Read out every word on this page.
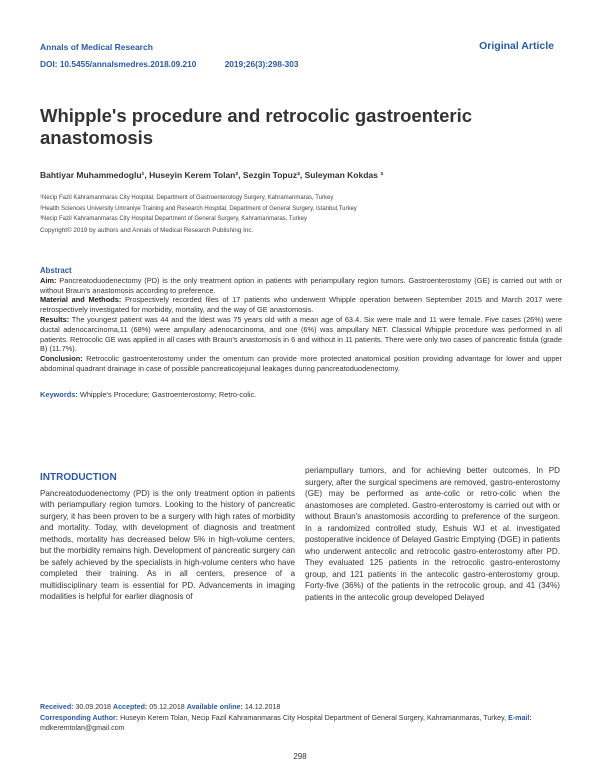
Annals of Medical Research
DOI: 10.5455/annalsmedres.2018.09.210	2019;26(3):298-303
Original Article
Whipple's procedure and retrocolic gastroenteric anastomosis
Bahtiyar Muhammedoglu¹, Huseyin Kerem Tolan², Sezgin Topuz³, Suleyman Kokdas ³
¹Necip Fazil Kahramanmaras City Hospital, Department of Gastroenterology Surgery, Kahramanmaras, Turkey
²Health Sciences University Umraniye Training and Research Hospital, Department of General Surgery, Istanbul,Turkey
³Necip Fazil Kahramanmaras City Hospital Department of General Surgery, Kahramanmaras, Turkey
Copyright© 2019 by authors and Annals of Medical Research Publishing Inc.
Abstract

Aim: Pancreatoduodenectomy (PD) is the only treatment option in patients with periampullary region tumors. Gastroenterostomy (GE) is carried out with or without Braun's anastomosis according to preference.

Material and Methods: Prospectively recorded files of 17 patients who underwent Whipple operation between September 2015 and March 2017 were retrospectively investigated for morbidity, mortality, and the way of GE anastomosis.

Results: The youngest patient was 44 and the ldest was 75 years old with a mean age of 63.4. Six were male and 11 were female. Five cases (26%) were ductal adenocarcinoma,11 (68%) were ampullary adenocarcinoma, and one (6%) was ampullary NET. Classical Whipple procedure was performed in all patients. Retrocolic GE was applied in all cases with Braun's anastomosis in 6 and without in 11 patients. There were only two cases of pancreatic fistula (grade B) (11.7%).

Conclusion: Retrocolic gastroenterostomy under the omentum can provide more protected anatomical position providing advantage for lower and upper abdominal quadrant drainage in case of possible pancreaticojejunal leakages during pancreatoduodenectomy.

Keywords: Whipple's Procedure; Gastroenterostomy; Retro-colic.
INTRODUCTION

Pancreatoduodenectomy (PD) is the only treatment option in patients with periampullary region tumors. Looking to the history of pancreatic surgery, it has been proven to be a surgery with high rates of morbidity and mortality. Today, with development of diagnosis and treatment methods, mortality has decreased below 5% in high-volume centers, but the morbidity remains high. Development of pancreatic surgery can be safely achieved by the specialists in high-volume centers who have completed their training. As in all centers, presence of a multidisciplinary team is essential for PD. Advancements in imaging modalities is helpful for earlier diagnosis of

periampullary tumors, and for achieving better outcomes. In PD surgery, after the surgical specimens are removed, gastro-enterostomy (GE) may be performed as ante-colic or retro-colic when the anastomoses are completed. Gastro-enterostomy is carried out with or without Braun's anastomosis according to preference of the surgeon. In a randomized controlled study, Eshuis WJ et al. investigated postoperative incidence of Delayed Gastric Emptying (DGE) in patients who underwent antecolic and retrocolic gastro-enterostomy after PD. They evaluated 125 patients in the retrocolic gastro-enterostomy group, and 121 patients in the antecolic gastro-enterostomy group. Forty-five (36%) of the patients in the retrocolic group, and 41 (34%) patients in the antecolic group developed Delayed

Received: 30.09.2018 Accepted: 05.12.2018 Available online: 14.12.2018
Corresponding Author: Huseyin Kerem Tolan, Necip Fazil Kahramanmaras City Hospital Department of General Surgery, Kahramanmaras, Turkey, E-mail: mdkeremtolan@gmail.com
298
